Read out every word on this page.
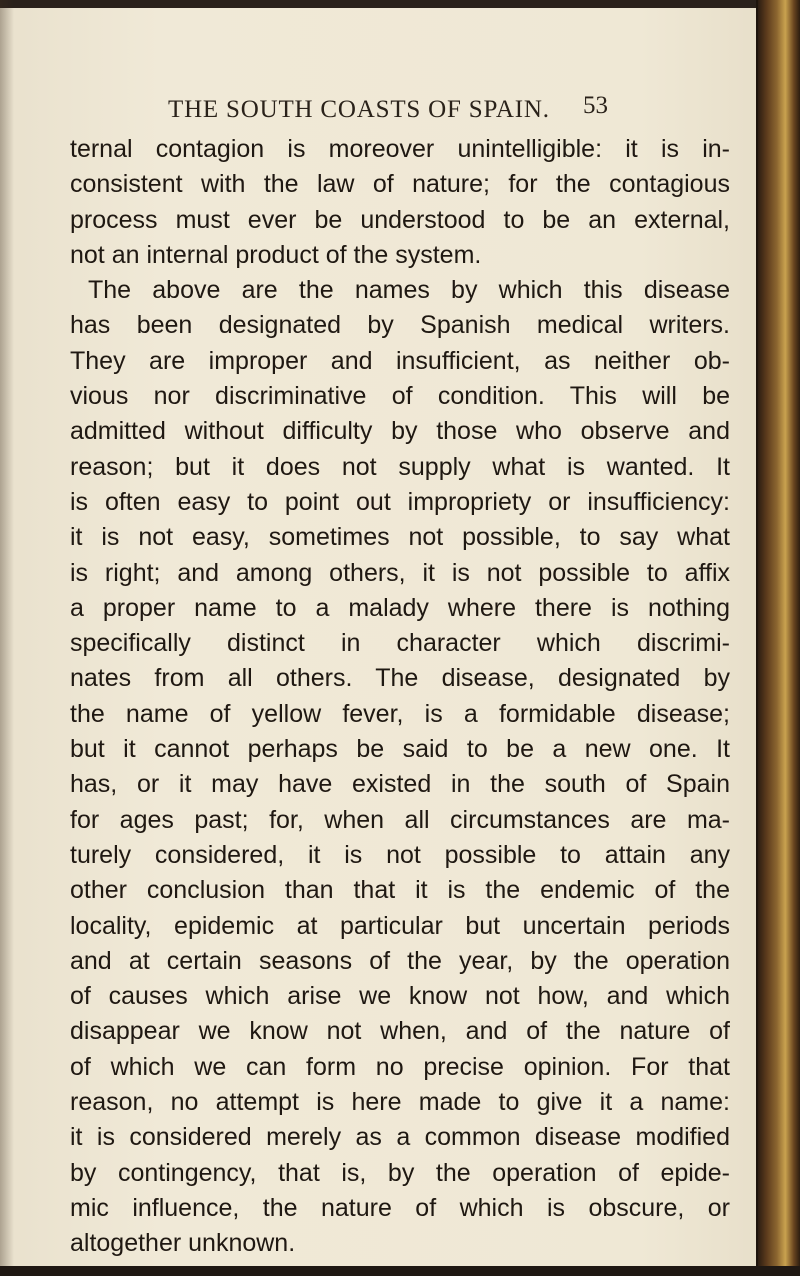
THE SOUTH COASTS OF SPAIN.	53
ternal contagion is moreover unintelligible: it is in-
consistent with the law of nature; for the contagious
process must ever be understood to be an external,
not an internal product of the system.
The above are the names by which this disease
has been designated by Spanish medical writers.
They are improper and insufficient, as neither ob-
vious nor discriminative of condition. This will be
admitted without difficulty by those who observe and
reason; but it does not supply what is wanted. It
is often easy to point out impropriety or insufficiency:
it is not easy, sometimes not possible, to say what
is right; and among others, it is not possible to affix
a proper name to a malady where there is nothing
specifically distinct in character which discrimi-
nates from all others. The disease, designated by
the name of yellow fever, is a formidable disease;
but it cannot perhaps be said to be a new one. It
has, or it may have existed in the south of Spain
for ages past; for, when all circumstances are ma-
turely considered, it is not possible to attain any
other conclusion than that it is the endemic of the
locality, epidemic at particular but uncertain periods
and at certain seasons of the year, by the operation
of causes which arise we know not how, and which
disappear we know not when, and of the nature of
of which we can form no precise opinion. For that
reason, no attempt is here made to give it a name:
it is considered merely as a common disease modified
by contingency, that is, by the operation of epide-
mic influence, the nature of which is obscure, or
altogether unknown.
